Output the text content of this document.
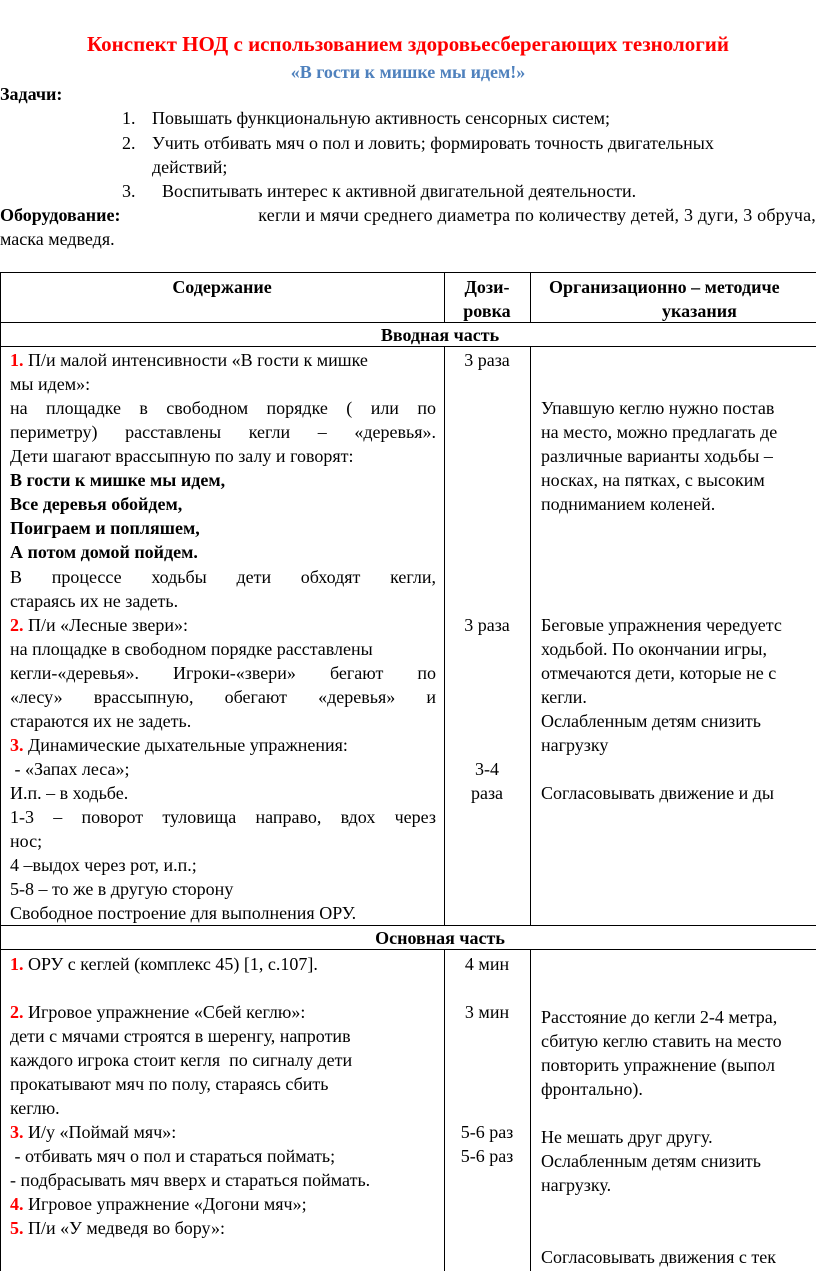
Конспект НОД с использованием здоровьесберегающих тезнологий
«В гости к мишке мы идем!»
Задачи:
1. Повышать функциональную активность сенсорных систем;
2. Учить отбивать мяч о пол и ловить; формировать точность двигательных
действий;
3. Воспитывать интерес к активной двигательной деятельности.
Оборудование:	кегли и мячи среднего диаметра по количеству детей, 3 дуги, 3 обруча,
маска медведя.
Содержание	Дози-
ровка
Организационно – методиче
указания
Вводная часть
1. П/и малой интенсивности «В гости к мишке
мы идем»:
на площадке в свободном порядке ( или по
периметру) расставлены кегли – «деревья».
Дети шагают врассыпную по залу и говорят:
В гости к мишке мы идем,
Все деревья обойдем,
Поиграем и попляшем,
А потом домой пойдем.
В процессе ходьбы дети обходят кегли,
стараясь их не задеть.
2. П/и «Лесные звери»:
на площадке в свободном порядке расставлены
кегли-«деревья». Игроки-«звери» бегают по
«лесу» врассыпную, обегают «деревья» и
стараются их не задеть.
3. Динамические дыхательные упражнения:
- «Запах леса»;
И.п. – в ходьбе.
1-3 – поворот туловища направо, вдох через
нос;
4 –выдох через рот, и.п.;
5-8 – то же в другую сторону
Свободное построение для выполнения ОРУ.
3 раза
3 раза
3-4
раза
Упавшую кеглю нужно постав
на место, можно предлагать де
различные варианты ходьбы –
носках, на пятках, с высоким
подниманием коленей.
Беговые упражнения чередуетс
ходьбой. По окончании игры,
отмечаются дети, которые не с
кегли.
Ослабленным детям снизить
нагрузку
Согласовывать движение и ды
Основная часть
1. ОРУ с кеглей (комплекс 45) [1, с.107].
2. Игровое упражнение «Сбей кеглю»:
дети с мячами строятся в шеренгу, напротив
каждого игрока стоит кегля  по сигналу дети
прокатывают мяч по полу, стараясь сбить
кеглю.
3. И/у «Поймай мяч»:
- отбивать мяч о пол и стараться поймать;
- подбрасывать мяч вверх и стараться поймать.
4. Игровое упражнение «Догони мяч»;
5. П/и «У медведя во бору»:
4 мин
3 мин
5-6 раз
5-6 раз
Расстояние до кегли 2-4 метра,
сбитую кеглю ставить на место
повторить упражнение (выпол
фронтально).
Не мешать друг другу.
Ослабленным детям снизить
нагрузку.
Согласовывать движения с тек
